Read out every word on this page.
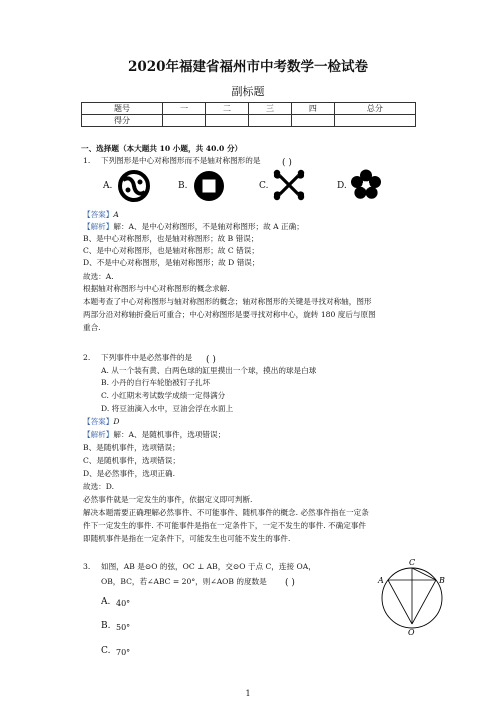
2020年福建省福州市中考数学一检试卷
副标题
题号	一	二	三	四	总分
得分					
一、选择题（本大题共 10 小题，共 40.0 分）
1. 下列图形是中心对称图形而不是轴对称图形的是 ( )
A.	B.	C.	D.
【答案】A
【解析】解：A、是中心对称图形，不是轴对称图形；故 A 正确；
B、是中心对称图形，也是轴对称图形；故 B 错误；
C、是中心对称图形，也是轴对称图形；故 C 错误；
D、不是中心对称图形，是轴对称图形；故 D 错误；
故选：A.
根据轴对称图形与中心对称图形的概念求解.
本题考查了中心对称图形与轴对称图形的概念；轴对称图形的关键是寻找对称轴，图形
两部分沿对称轴折叠后可重合；中心对称图形是要寻找对称中心，旋转 180 度后与原图
重合.
2. 下列事件中是必然事件的是 ( )
A. 从一个装有黄、白两色球的缸里摸出一个球，摸出的球是白球
B. 小丹的自行车轮胎被钉子扎坏
C. 小红期末考试数学成绩一定得满分
D. 将豆油滴入水中，豆油会浮在水面上
【答案】D
【解析】解：A、是随机事件，选项错误；
B、是随机事件，选项错误；
C、是随机事件，选项错误；
D、是必然事件，选项正确.
故选：D.
必然事件就是一定发生的事件，依据定义即可判断.
解决本题需要正确理解必然事件、不可能事件、随机事件的概念. 必然事件指在一定条
件下一定发生的事件. 不可能事件是指在一定条件下，一定不发生的事件. 不确定事件
即随机事件是指在一定条件下，可能发生也可能不发生的事件.
3. 如图，AB 是⊙O 的弦，OC ⊥ AB，交⊙O 于点 C，连接 OA，
OB，BC，若∠ABC = 20°，则∠AOB 的度数是 ( )
A. 40°
B. 50°
C. 70°
C
A	B
O
1
